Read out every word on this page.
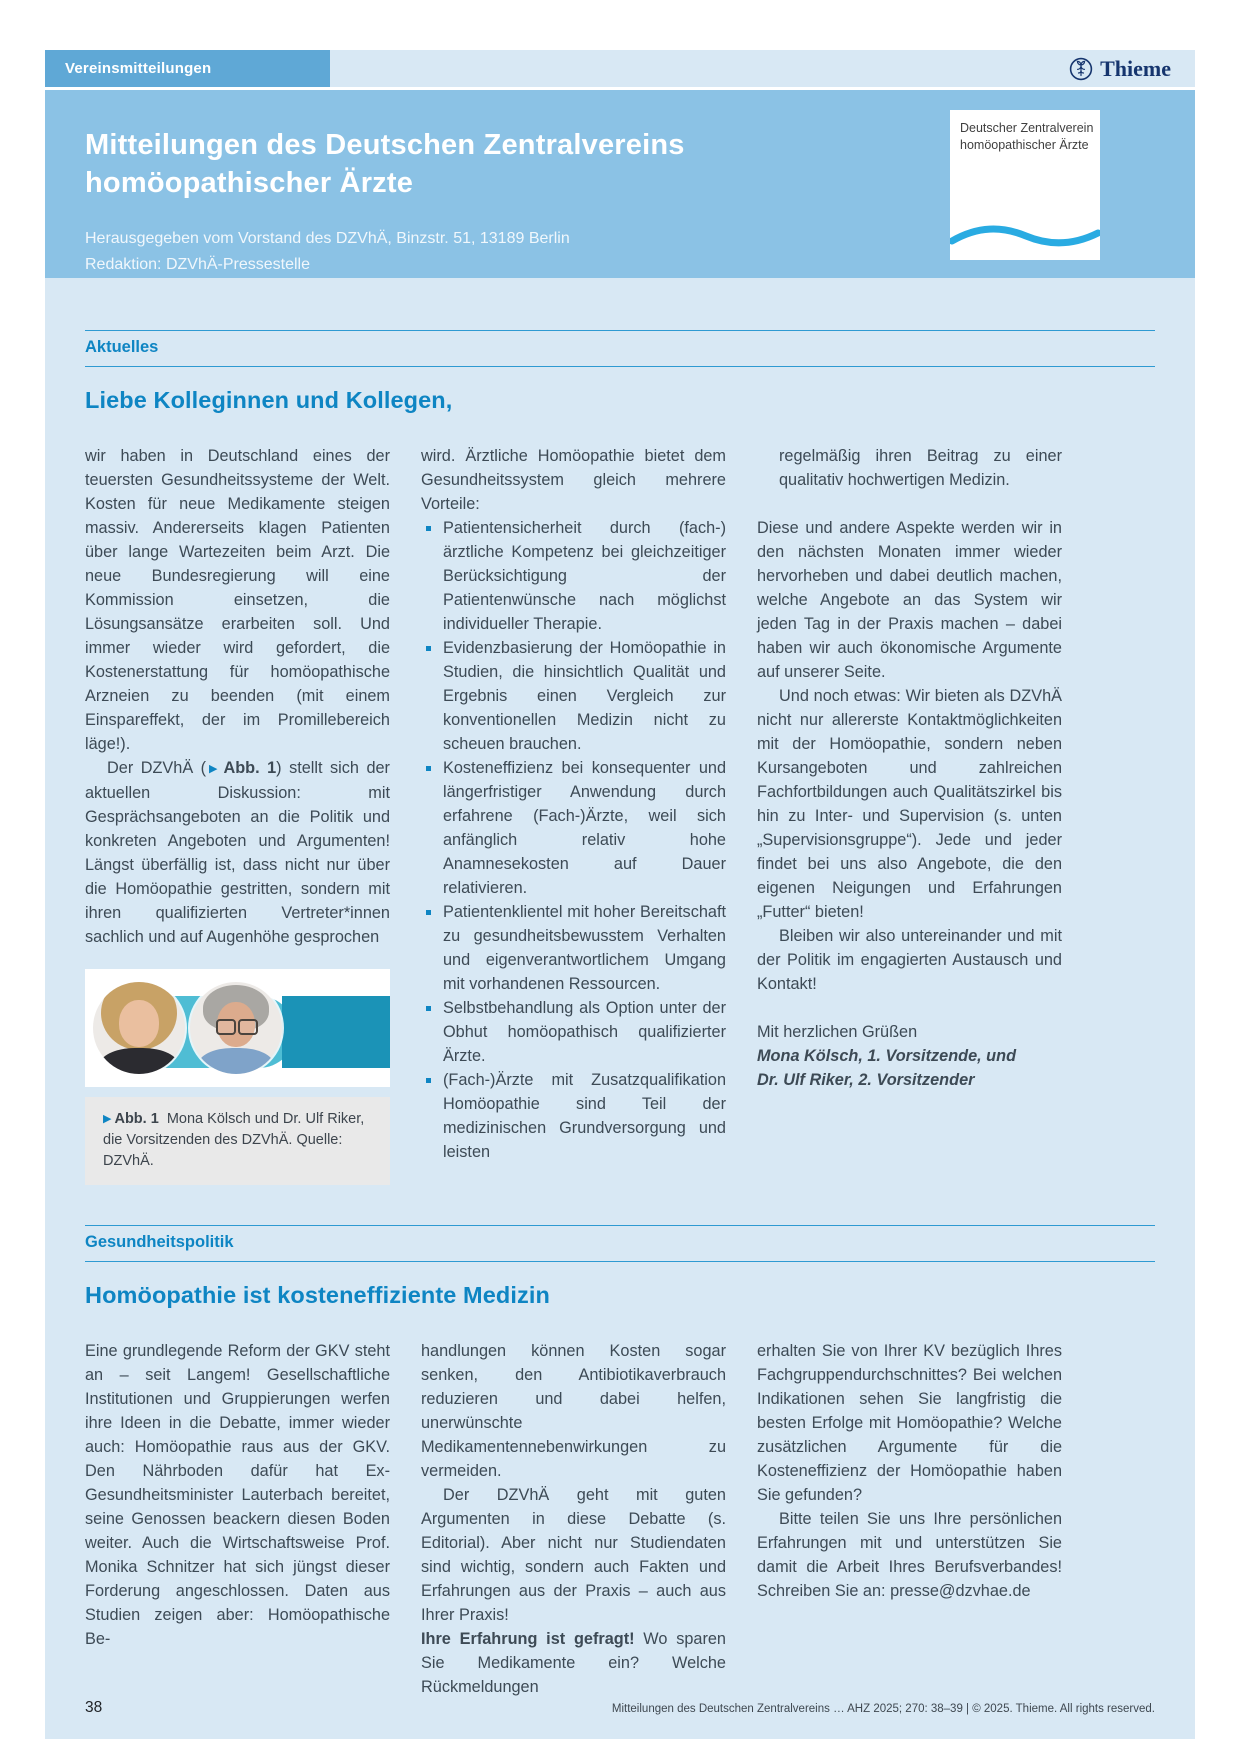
Vereinsmitteilungen	Thieme
Mitteilungen des Deutschen Zentralvereins
homöopathischer Ärzte
Herausgegeben vom Vorstand des DZVhÄ, Binzstr. 51, 13189 Berlin
Redaktion: DZVhÄ-Pressestelle
Deutscher Zentralverein
homöopathischer Ärzte
Aktuelles
Liebe Kolleginnen und Kollegen,

wir haben in Deutschland eines der teuersten Gesundheitssysteme der Welt. Kosten für neue Medikamente steigen massiv. Andererseits klagen Patienten über lange Wartezeiten beim Arzt. Die neue Bundesregierung will eine Kommission einsetzen, die Lösungsansätze erarbeiten soll. Und immer wieder wird gefordert, die Kostenerstattung für homöopathische Arzneien zu beenden (mit einem Einspareffekt, der im Promillebereich läge!).

Der DZVhÄ (▶ Abb. 1) stellt sich der aktuellen Diskussion: mit Gesprächsangeboten an die Politik und konkreten Angeboten und Argumenten! Längst überfällig ist, dass nicht nur über die Homöopathie gestritten, sondern mit ihren qualifizierten Vertreter*innen sachlich und auf Augenhöhe gesprochen

▶ Abb. 1 Mona Kölsch und Dr. Ulf Riker, die Vorsitzenden des DZVhÄ. Quelle: DZVhÄ.

wird. Ärztliche Homöopathie bietet dem Gesundheitssystem gleich mehrere Vorteile:

Patientensicherheit durch (fach-) ärztliche Kompetenz bei gleichzeitiger Berücksichtigung der Patientenwünsche nach möglichst individueller Therapie.
Evidenzbasierung der Homöopathie in Studien, die hinsichtlich Qualität und Ergebnis einen Vergleich zur konventionellen Medizin nicht zu scheuen brauchen.
Kosteneffizienz bei konsequenter und längerfristiger Anwendung durch erfahrene (Fach-)Ärzte, weil sich anfänglich relativ hohe Anamnesekosten auf Dauer relativieren.
Patientenklientel mit hoher Bereitschaft zu gesundheitsbewusstem Verhalten und eigenverantwortlichem Umgang mit vorhandenen Ressourcen.
Selbstbehandlung als Option unter der Obhut homöopathisch qualifizierter Ärzte.
(Fach-)Ärzte mit Zusatzqualifikation Homöopathie sind Teil der medizinischen Grundversorgung und leisten

regelmäßig ihren Beitrag zu einer qualitativ hochwertigen Medizin.

Diese und andere Aspekte werden wir in den nächsten Monaten immer wieder hervorheben und dabei deutlich machen, welche Angebote an das System wir jeden Tag in der Praxis machen – dabei haben wir auch ökonomische Argumente auf unserer Seite.

Und noch etwas: Wir bieten als DZVhÄ nicht nur allererste Kontaktmöglichkeiten mit der Homöopathie, sondern neben Kursangeboten und zahlreichen Fachfortbildungen auch Qualitätszirkel bis hin zu Inter- und Supervision (s. unten „Supervisionsgruppe“). Jede und jeder findet bei uns also Angebote, die den eigenen Neigungen und Erfahrungen „Futter“ bieten!

Bleiben wir also untereinander und mit der Politik im engagierten Austausch und Kontakt!

Mit herzlichen Grüßen

Mona Kölsch, 1. Vorsitzende, und

Dr. Ulf Riker, 2. Vorsitzender

Gesundheitspolitik
Homöopathie ist kosteneffiziente Medizin

Eine grundlegende Reform der GKV steht an – seit Langem! Gesellschaftliche Institutionen und Gruppierungen werfen ihre Ideen in die Debatte, immer wieder auch: Homöopathie raus aus der GKV. Den Nährboden dafür hat Ex-Gesundheitsminister Lauterbach bereitet, seine Genossen beackern diesen Boden weiter. Auch die Wirtschaftsweise Prof. Monika Schnitzer hat sich jüngst dieser Forderung angeschlossen. Daten aus Studien zeigen aber: Homöopathische Be-

handlungen können Kosten sogar senken, den Antibiotikaverbrauch reduzieren und dabei helfen, unerwünschte Medikamentennebenwirkungen zu vermeiden.

Der DZVhÄ geht mit guten Argumenten in diese Debatte (s. Editorial). Aber nicht nur Studiendaten sind wichtig, sondern auch Fakten und Erfahrungen aus der Praxis – auch aus Ihrer Praxis!

Ihre Erfahrung ist gefragt! Wo sparen Sie Medikamente ein? Welche Rückmeldungen

erhalten Sie von Ihrer KV bezüglich Ihres Fachgruppendurchschnittes? Bei welchen Indikationen sehen Sie langfristig die besten Erfolge mit Homöopathie? Welche zusätzlichen Argumente für die Kosteneffizienz der Homöopathie haben Sie gefunden?

Bitte teilen Sie uns Ihre persönlichen Erfahrungen mit und unterstützen Sie damit die Arbeit Ihres Berufsverbandes! Schreiben Sie an: presse@dzvhae.de

38	Mitteilungen des Deutschen Zentralvereins … AHZ 2025; 270: 38–39 | © 2025. Thieme. All rights reserved.
